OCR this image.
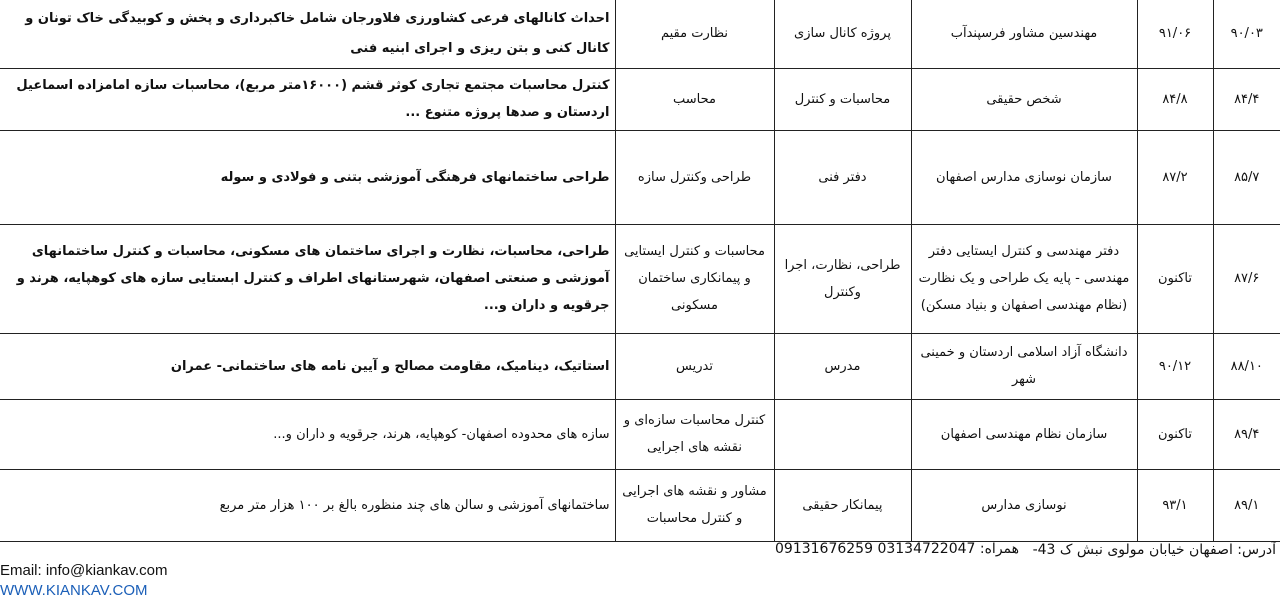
احداث کانالهای فرعی کشاورزی فلاورجان شامل خاکبرداری و پخش و کوبیدگی خاک تونان و کانال کنی و بتن ریزی و اجرای ابنیه فنی	نظارت مقیم	پروژه کانال سازی	مهندسین مشاور فرسپندآب	۹۱/۰۶	۹۰/۰۳
کنترل محاسبات مجتمع تجاری کوثر قشم (۱۶۰۰۰متر مربع)، محاسبات سازه امامزاده اسماعیل اردستان و صدها پروژه متنوع ...	محاسب	محاسبات و کنترل	شخص حقیقی	۸۴/۸	۸۴/۴
طراحی ساختمانهای فرهنگی آموزشی بتنی و فولادی و سوله	طراحی وکنترل سازه	دفتر فنی	سازمان نوسازی مدارس اصفهان	۸۷/۲	۸۵/۷
طراحی، محاسبات، نظارت و اجرای ساختمان های مسکونی، محاسبات و کنترل ساختمانهای آموزشی و صنعتی اصفهان، شهرستانهای اطراف و کنترل ابستایی سازه های کوهپایه، هرند و جرقویه و داران و...	محاسبات و کنترل ایستایی و پیمانکاری ساختمان مسکونی	طراحی، نظارت، اجرا وکنترل	دفتر مهندسی و کنترل ایستایی دفتر مهندسی - پایه یک طراحی و یک نظارت (نظام مهندسی اصفهان و بنیاد مسکن)	تاکنون	۸۷/۶
استاتیک، دینامیک، مقاومت مصالح و آیین نامه های ساختمانی- عمران	تدریس	مدرس	دانشگاه آزاد اسلامی اردستان و خمینی شهر	۹۰/۱۲	۸۸/۱۰
سازه های محدوده اصفهان- کوهپایه، هرند، جرقویه و داران و...	کنترل محاسبات سازه‌ای و نقشه های اجرایی		سازمان نظام مهندسی اصفهان	تاکنون	۸۹/۴
ساختمانهای آموزشی و سالن های چند منظوره بالغ بر ۱۰۰ هزار متر مربع	مشاور و نقشه های اجرایی و کنترل محاسبات	پیمانکار حقیقی	نوسازی مدارس	۹۳/۱	۸۹/۱
آدرس: اصفهان خیابان مولوی نبش ک 43-
09131676259 همراه: 03134722047
Email: info@kiankav.com
WWW.KIANKAV.COM
